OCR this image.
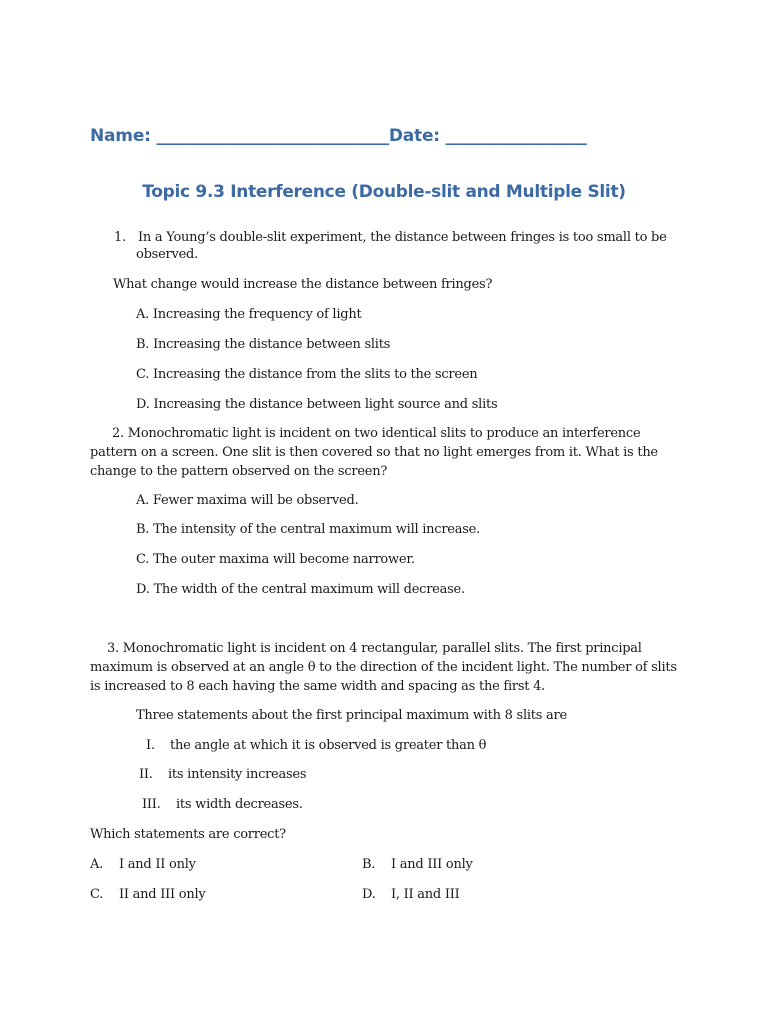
Name: ____________________________Date: _________________
Topic 9.3 Interference (Double-slit and Multiple Slit)
1. In a Young’s double-slit experiment, the distance between fringes is too small to be
observed.
What change would increase the distance between fringes?
A. Increasing the frequency of light
B. Increasing the distance between slits
C. Increasing the distance from the slits to the screen
D. Increasing the distance between light source and slits
2. Monochromatic light is incident on two identical slits to produce an interference
pattern on a screen. One slit is then covered so that no light emerges from it. What is the
change to the pattern observed on the screen?
A. Fewer maxima will be observed.
B. The intensity of the central maximum will increase.
C. The outer maxima will become narrower.
D. The width of the central maximum will decrease.
3. Monochromatic light is incident on 4 rectangular, parallel slits. The first principal
maximum is observed at an angle θ to the direction of the incident light. The number of slits
is increased to 8 each having the same width and spacing as the first 4.
Three statements about the first principal maximum with 8 slits are
I. the angle at which it is observed is greater than θ
II. its intensity increases
III. its width decreases.
Which statements are correct?
A. I and II only	B. I and III only
C. II and III only	D. I, II and III
